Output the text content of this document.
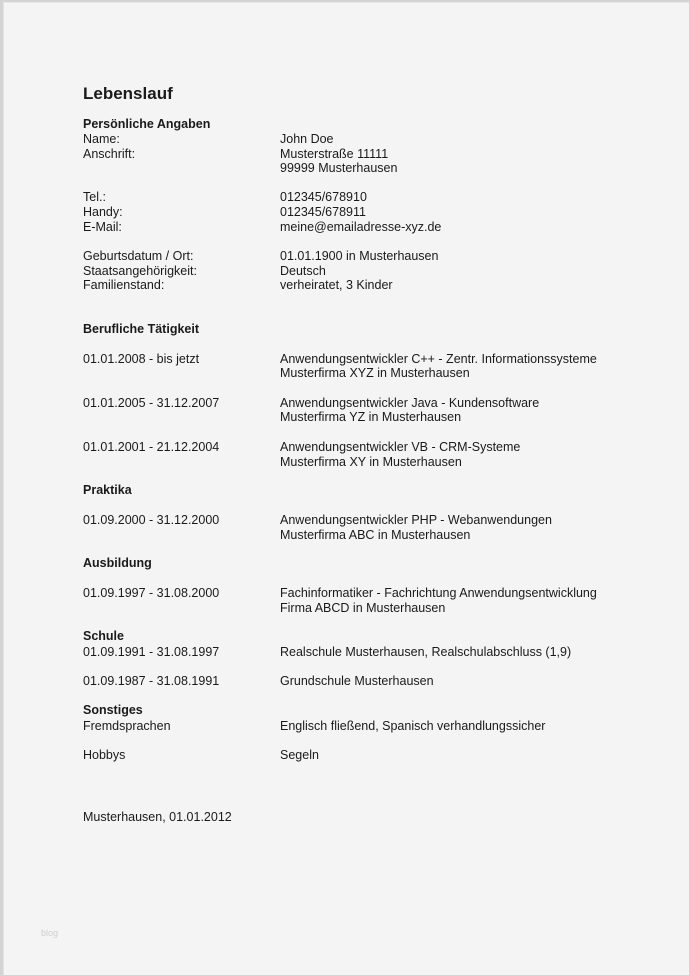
Lebenslauf
Persönliche Angaben
Name:	John Doe
Anschrift:	Musterstraße 11111
99999 Musterhausen
Tel.:	012345/678910
Handy:	012345/678911
E-Mail:	meine@emailadresse-xyz.de
Geburtsdatum / Ort:	01.01.1900 in Musterhausen
Staatsangehörigkeit:	Deutsch
Familienstand:	verheiratet, 3 Kinder
Berufliche Tätigkeit
01.01.2008 - bis jetzt	Anwendungsentwickler C++ - Zentr. Informationssysteme
Musterfirma XYZ in Musterhausen
01.01.2005 - 31.12.2007	Anwendungsentwickler Java - Kundensoftware
Musterfirma YZ in Musterhausen
01.01.2001 - 21.12.2004	Anwendungsentwickler VB - CRM-Systeme
Musterfirma XY in Musterhausen
Praktika
01.09.2000 - 31.12.2000	Anwendungsentwickler PHP - Webanwendungen
Musterfirma ABC in Musterhausen
Ausbildung
01.09.1997 - 31.08.2000	Fachinformatiker - Fachrichtung Anwendungsentwicklung
Firma ABCD in Musterhausen
Schule
01.09.1991 - 31.08.1997	Realschule Musterhausen, Realschulabschluss (1,9)
01.09.1987 - 31.08.1991	Grundschule Musterhausen
Sonstiges
Fremdsprachen	Englisch fließend, Spanisch verhandlungssicher
Hobbys	Segeln
Musterhausen, 01.01.2012
blog
